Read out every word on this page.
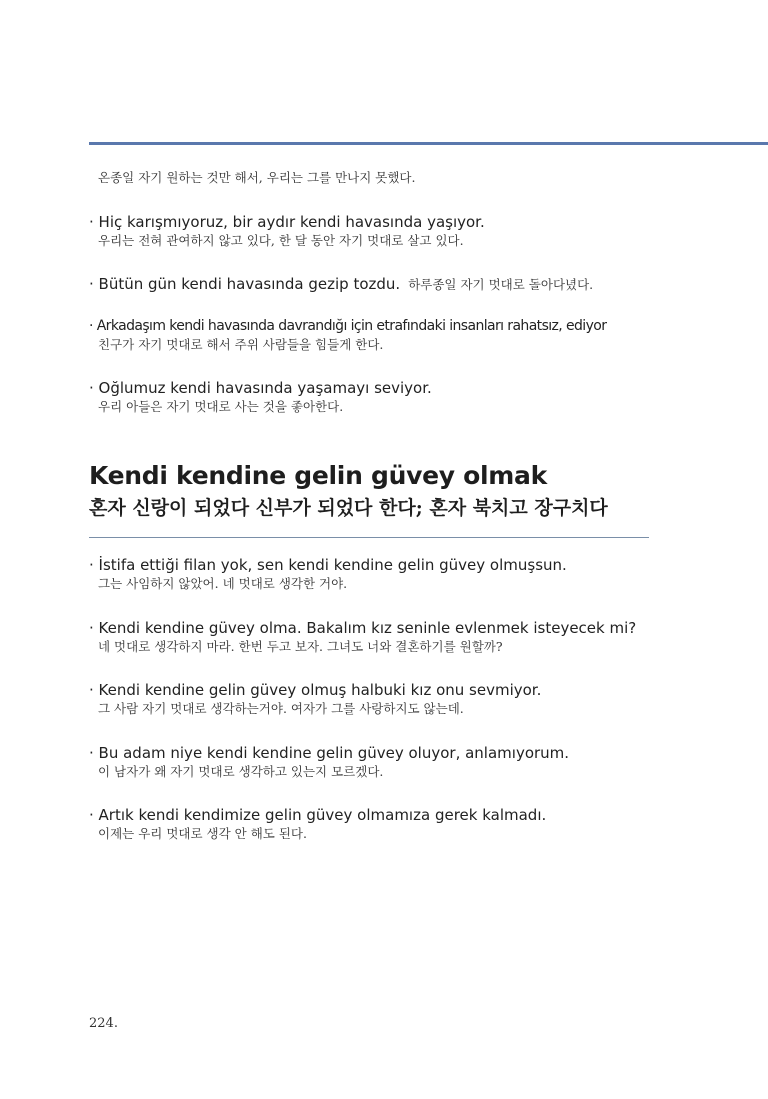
온종일 자기 원하는 것만 해서, 우리는 그를 만나지 못했다.
· Hiç karışmıyoruz, bir aydır kendi havasında yaşıyor.
우리는 전혀 관여하지 않고 있다, 한 달 동안 자기 멋대로 살고 있다.
· Bütün gün kendi havasında gezip tozdu. 하루종일 자기 멋대로 돌아다녔다.
· Arkadaşım kendi havasında davrandığı için etrafındaki insanları rahatsız, ediyor
친구가 자기 멋대로 해서 주위 사람들을 힘들게 한다.
· Oğlumuz kendi havasında yaşamayı seviyor.
우리 아들은 자기 멋대로 사는 것을 좋아한다.
Kendi kendine gelin güvey olmak
혼자 신랑이 되었다 신부가 되었다 한다; 혼자 북치고 장구치다
· İstifa ettiği filan yok, sen kendi kendine gelin güvey olmuşsun.
그는 사임하지 않았어. 네 멋대로 생각한 거야.
· Kendi kendine güvey olma. Bakalım kız seninle evlenmek isteyecek mi?
네 멋대로 생각하지 마라. 한번 두고 보자. 그녀도 너와 결혼하기를 원할까?
· Kendi kendine gelin güvey olmuş halbuki kız onu sevmiyor.
그 사람 자기 멋대로 생각하는거야. 여자가 그를 사랑하지도 않는데.
· Bu adam niye kendi kendine gelin güvey oluyor, anlamıyorum.
이 남자가 왜 자기 멋대로 생각하고 있는지 모르겠다.
· Artık kendi kendimize gelin güvey olmamıza gerek kalmadı.
이제는 우리 멋대로 생각 안 해도 된다.
224.
